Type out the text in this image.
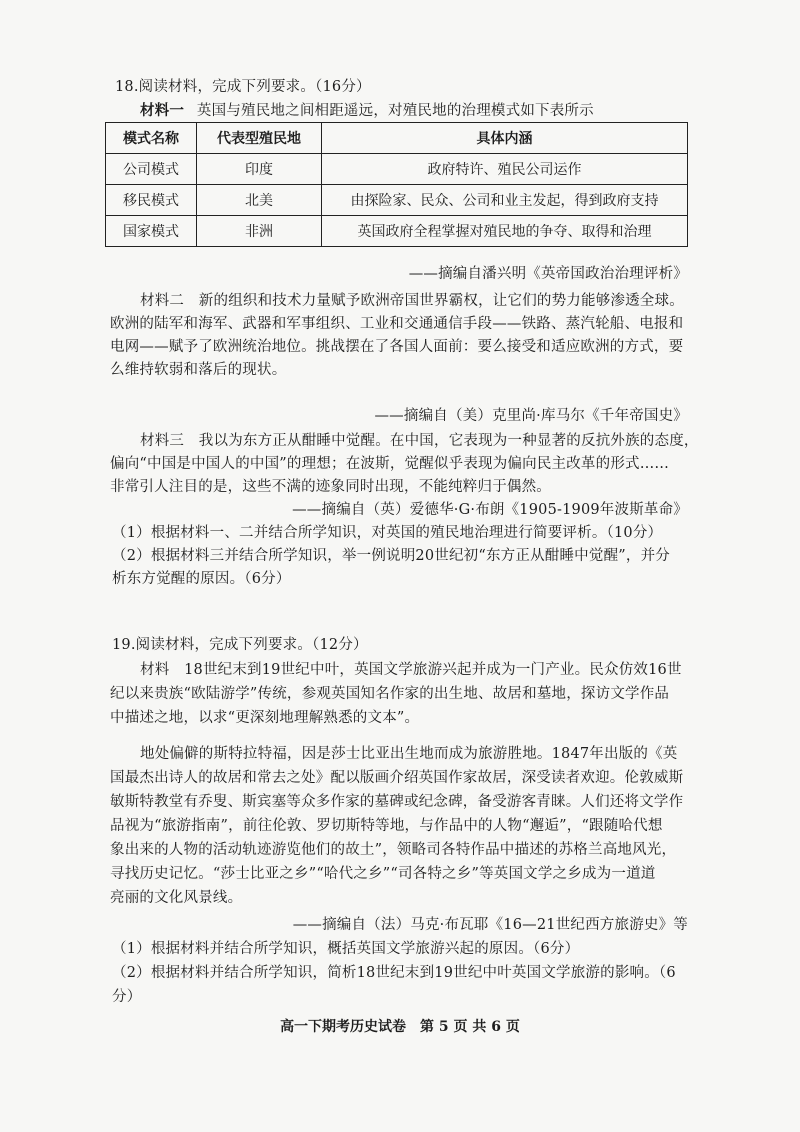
18.阅读材料，完成下列要求。（16分）
材料一 英国与殖民地之间相距遥远，对殖民地的治理模式如下表所示
模式名称	代表型殖民地	具体内涵
公司模式	印度	政府特许、殖民公司运作
移民模式	北美	由探险家、民众、公司和业主发起，得到政府支持
国家模式	非洲	英国政府全程掌握对殖民地的争夺、取得和治理
——摘编自潘兴明《英帝国政治治理评析》
材料二　新的组织和技术力量赋予欧洲帝国世界霸权，让它们的势力能够渗透全球。
欧洲的陆军和海军、武器和军事组织、工业和交通通信手段——铁路、蒸汽轮船、电报和
电网——赋予了欧洲统治地位。挑战摆在了各国人面前：要么接受和适应欧洲的方式，要
么维持软弱和落后的现状。
——摘编自（美）克里尚·库马尔《千年帝国史》
材料三　我以为东方正从酣睡中觉醒。在中国，它表现为一种显著的反抗外族的态度，
偏向“中国是中国人的中国”的理想；在波斯，觉醒似乎表现为偏向民主改革的形式……
非常引人注目的是，这些不满的迹象同时出现，不能纯粹归于偶然。
——摘编自（英）爱德华·G·布朗《1905-1909年波斯革命》
（1）根据材料一、二并结合所学知识，对英国的殖民地治理进行简要评析。（10分）
（2）根据材料三并结合所学知识，举一例说明20世纪初“东方正从酣睡中觉醒”，并分
析东方觉醒的原因。（6分）
19.阅读材料，完成下列要求。（12分）
材料　18世纪末到19世纪中叶，英国文学旅游兴起并成为一门产业。民众仿效16世
纪以来贵族“欧陆游学”传统，参观英国知名作家的出生地、故居和墓地，探访文学作品
中描述之地，以求“更深刻地理解熟悉的文本”。
地处偏僻的斯特拉特福，因是莎士比亚出生地而成为旅游胜地。1847年出版的《英
国最杰出诗人的故居和常去之处》配以版画介绍英国作家故居，深受读者欢迎。伦敦威斯
敏斯特教堂有乔叟、斯宾塞等众多作家的墓碑或纪念碑，备受游客青睐。人们还将文学作
品视为“旅游指南”，前往伦敦、罗切斯特等地，与作品中的人物“邂逅”，“跟随哈代想
象出来的人物的活动轨迹游览他们的故土”，领略司各特作品中描述的苏格兰高地风光，
寻找历史记忆。“莎士比亚之乡”“哈代之乡”“司各特之乡”等英国文学之乡成为一道道
亮丽的文化风景线。
——摘编自（法）马克·布瓦耶《16—21世纪西方旅游史》等
（1）根据材料并结合所学知识，概括英国文学旅游兴起的原因。（6分）
（2）根据材料并结合所学知识，简析18世纪末到19世纪中叶英国文学旅游的影响。（6
分）
高一下期考历史试卷　第 5 页 共 6 页
